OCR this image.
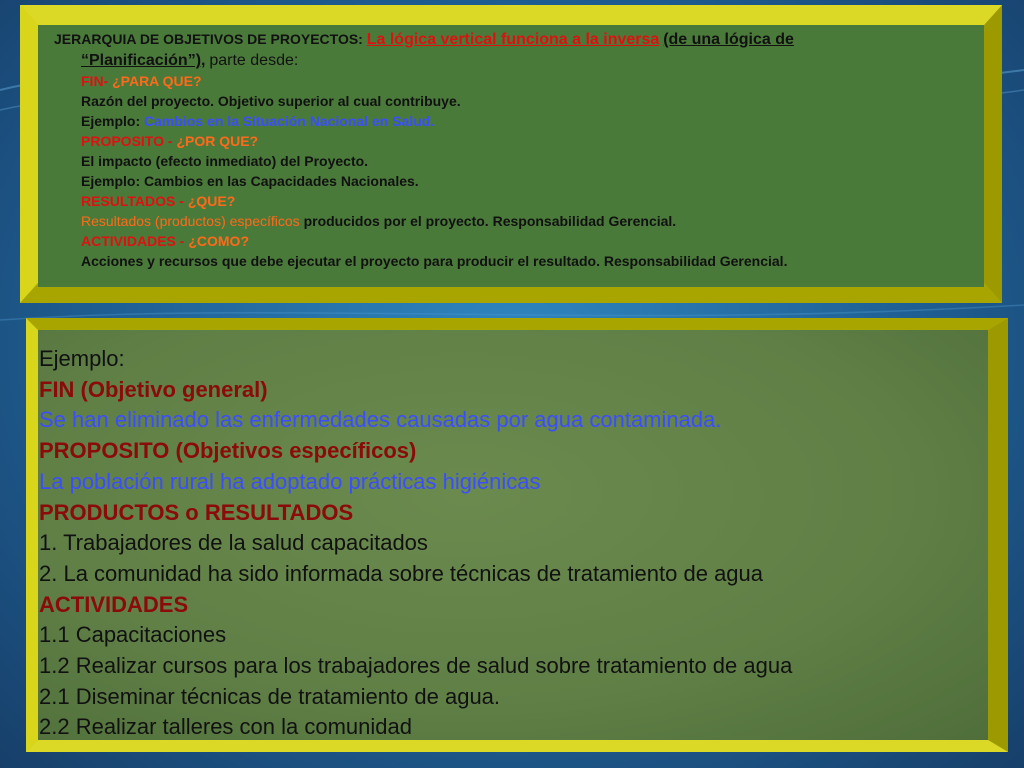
JERARQUIA DE OBJETIVOS DE PROYECTOS: La lógica vertical funciona a la inversa (de una lógica de
“Planificación”), parte desde:
FIN- ¿PARA QUE?
Razón del proyecto. Objetivo superior al cual contribuye.
Ejemplo: Cambios en la Situación Nacional en Salud.
PROPOSITO - ¿POR QUE?
El impacto (efecto inmediato) del Proyecto.
Ejemplo: Cambios en las Capacidades Nacionales.
RESULTADOS - ¿QUE?
Resultados (productos) específicos producidos por el proyecto. Responsabilidad Gerencial.
ACTIVIDADES - ¿COMO?
Acciones y recursos que debe ejecutar el proyecto para producir el resultado. Responsabilidad Gerencial.
Ejemplo:
FIN (Objetivo general)
Se han eliminado las enfermedades causadas por agua contaminada.
PROPOSITO (Objetivos específicos)
La población rural ha adoptado prácticas higiénicas
PRODUCTOS o RESULTADOS
1. Trabajadores de la salud capacitados
2. La comunidad ha sido informada sobre técnicas de tratamiento de agua
ACTIVIDADES
1.1 Capacitaciones
1.2 Realizar cursos para los trabajadores de salud sobre tratamiento de agua
2.1 Diseminar técnicas de tratamiento de agua.
2.2 Realizar talleres con la comunidad
